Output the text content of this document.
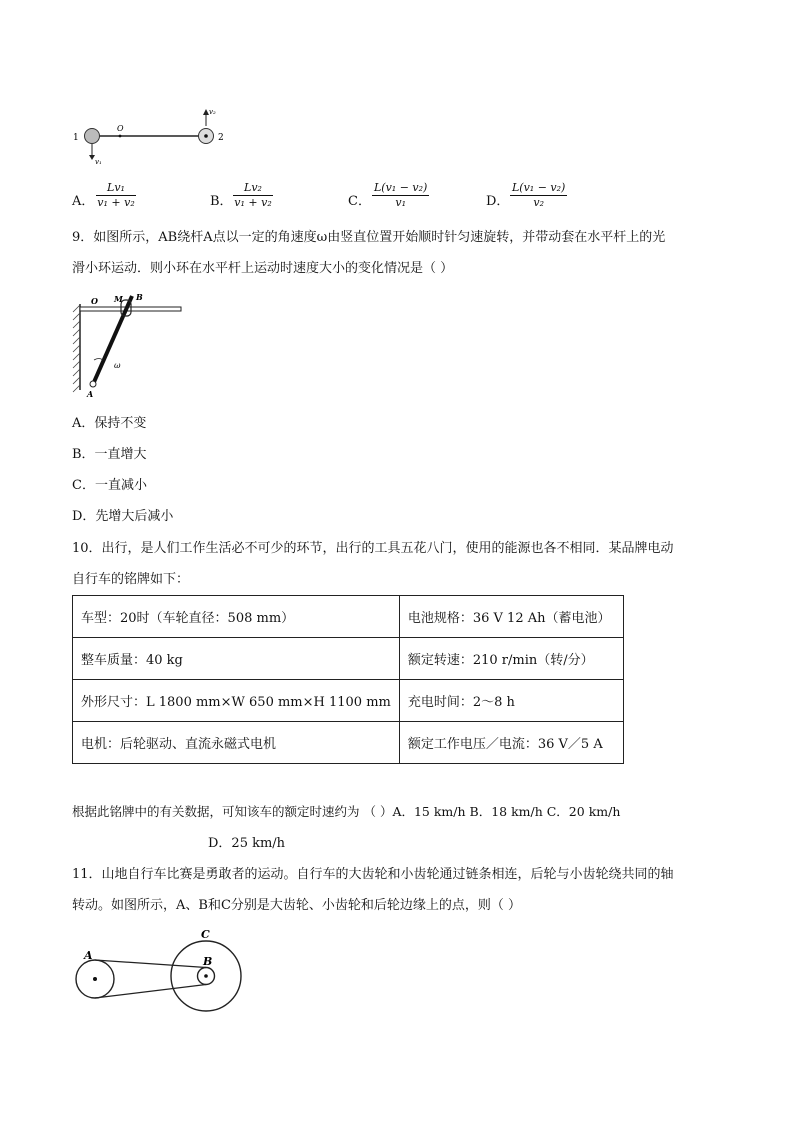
1	2
O
v₁
v₂
A． $\frac{\text{Lv₁}}{\text{v₁ + v₂}}$	B． $\frac{\text{Lv₂}}{\text{v₁ + v₂}}$	C． $\frac{\text{L(v₁ − v₂)}}{\text{v₁}}$	D． $\frac{\text{L(v₁ − v₂)}}{\text{v₂}}$
9．如图所示，AB绕杆A点以一定的角速度ω由竖直位置开始顺时针匀速旋转，并带动套在水平杆上的光
滑小环运动．则小环在水平杆上运动时速度大小的变化情况是（ ）
O M B
A
ω
A．保持不变
B．一直增大
C．一直减小
D．先增大后减小
10．出行，是人们工作生活必不可少的环节，出行的工具五花八门，使用的能源也各不相同．某品牌电动
自行车的铭牌如下：
车型：20时（车轮直径：508 mm）	电池规格：36 V 12 Ah（蓄电池）
整车质量：40 kg	额定转速：210 r/min（转/分）
外形尺寸：L 1800 mm×W 650 mm×H 1100 mm	充电时间：2～8 h
电机：后轮驱动、直流永磁式电机	额定工作电压／电流：36 V／5 A
根据此铭牌中的有关数据，可知该车的额定时速约为 （ ）A．15 km/h B．18 km/h C．20 km/h
D．25 km/h
11．山地自行车比赛是勇敢者的运动。自行车的大齿轮和小齿轮通过链条相连，后轮与小齿轮绕共同的轴
转动。如图所示，A、B和C分别是大齿轮、小齿轮和后轮边缘上的点，则（ ）
A	B
C
